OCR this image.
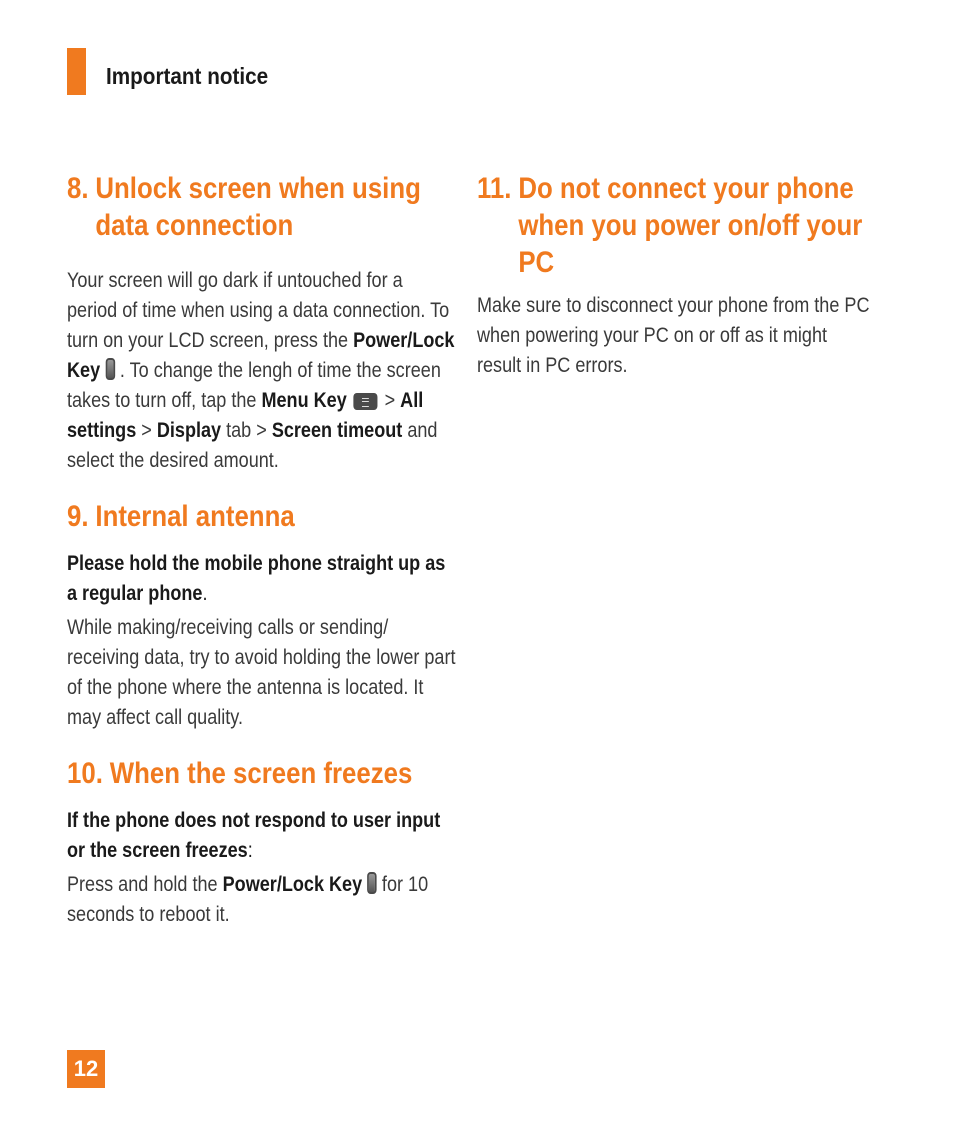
Important notice
8. Unlock screen when using data connection
Your screen will go dark if untouched for a period of time when using a data connection. To turn on your LCD screen, press the Power/Lock Key . To change the lengh of time the screen takes to turn off, tap the Menu Key > All settings > Display tab > Screen timeout and select the desired amount.
9. Internal antenna
Please hold the mobile phone straight up as a regular phone.
While making/receiving calls or sending/ receiving data, try to avoid holding the lower part of the phone where the antenna is located. It may affect call quality.
10. When the screen freezes
If the phone does not respond to user input or the screen freezes:
Press and hold the Power/Lock Key for 10 seconds to reboot it.
11. Do not connect your phone when you power on/off your PC
Make sure to disconnect your phone from the PC when powering your PC on or off as it might result in PC errors.
12
